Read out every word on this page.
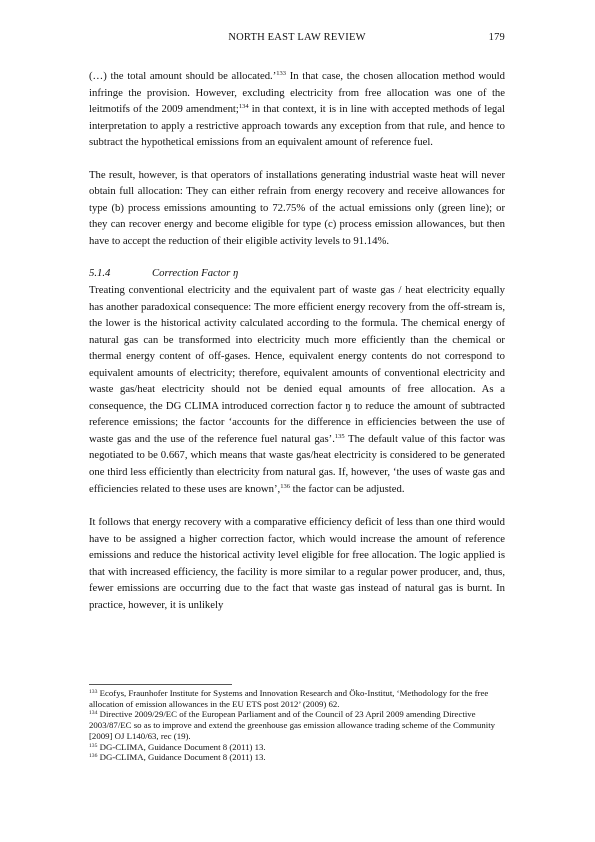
NORTH EAST LAW REVIEW	179

(…) the total amount should be allocated.’$^{133}$ In that case, the chosen allocation method would infringe the provision. However, excluding electricity from free allocation was one of the leitmotifs of the 2009 amendment;$^{134}$ in that context, it is in line with accepted methods of legal interpretation to apply a restrictive approach towards any exception from that rule, and hence to subtract the hypothetical emissions from an equivalent amount of reference fuel.

The result, however, is that operators of installations generating industrial waste heat will never obtain full allocation: They can either refrain from energy recovery and receive allowances for type (b) process emissions amounting to 72.75% of the actual emissions only (green line); or they can recover energy and become eligible for type (c) process emission allowances, but then have to accept the reduction of their eligible activity levels to 91.14%.

5.1.4	Correction Factor ŋ

Treating conventional electricity and the equivalent part of waste gas / heat electricity equally has another paradoxical consequence: The more efficient energy recovery from the off-stream is, the lower is the historical activity calculated according to the formula. The chemical energy of natural gas can be transformed into electricity much more efficiently than the chemical or thermal energy content of off-gases. Hence, equivalent energy contents do not correspond to equivalent amounts of electricity; therefore, equivalent amounts of conventional electricity and waste gas/heat electricity should not be denied equal amounts of free allocation. As a consequence, the DG CLIMA introduced correction factor ŋ to reduce the amount of subtracted reference emissions; the factor ‘accounts for the difference in efficiencies between the use of waste gas and the use of the reference fuel natural gas’.$^{135}$ The default value of this factor was negotiated to be 0.667, which means that waste gas/heat electricity is considered to be generated one third less efficiently than electricity from natural gas. If, however, ‘the uses of waste gas and efficiencies related to these uses are known’,$^{136}$ the factor can be adjusted.

It follows that energy recovery with a comparative efficiency deficit of less than one third would have to be assigned a higher correction factor, which would increase the amount of reference emissions and reduce the historical activity level eligible for free allocation. The logic applied is that with increased efficiency, the facility is more similar to a regular power producer, and, thus, fewer emissions are occurring due to the fact that waste gas instead of natural gas is burnt. In practice, however, it is unlikely

$^{133}$ Ecofys, Fraunhofer Institute for Systems and Innovation Research and Öko-Institut, ‘Methodology for the free allocation of emission allowances in the EU ETS post 2012’ (2009) 62.

$^{134}$ Directive 2009/29/EC of the European Parliament and of the Council of 23 April 2009 amending Directive 2003/87/EC so as to improve and extend the greenhouse gas emission allowance trading scheme of the Community [2009] OJ L140/63, rec (19).

$^{135}$ DG-CLIMA, Guidance Document 8 (2011) 13.

$^{136}$ DG-CLIMA, Guidance Document 8 (2011) 13.
